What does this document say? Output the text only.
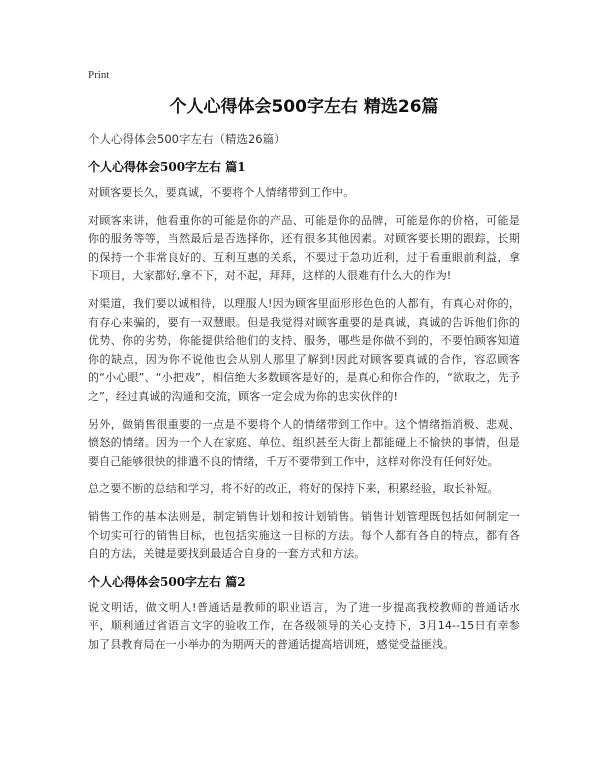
Print
个人心得体会500字左右 精选26篇
个人心得体会500字左右（精选26篇）
个人心得体会500字左右 篇1

对顾客要长久，要真诚，不要将个人情绪带到工作中。

对顾客来讲，他看重你的可能是你的产品、可能是你的品牌，可能是你的价格，可能是你的服务等等，当然最后是否选择你，还有很多其他因素。对顾客要长期的跟踪，长期的保持一个非常良好的、互利互惠的关系，不要过于急功近利，过于看重眼前利益，拿下项目，大家都好,拿不下，对不起，拜拜，这样的人很难有什么大的作为!

对渠道，我们要以诚相待，以理服人!因为顾客里面形形色色的人都有，有真心对你的，有存心来骗的，要有一双慧眼。但是我觉得对顾客重要的是真诚，真诚的告诉他们你的优势、你的劣势，你能提供给他们的支持、服务，哪些是你做不到的，不要怕顾客知道你的缺点，因为你不说他也会从别人那里了解到!因此对顾客要真诚的合作，容忍顾客的“小心眼”、“小把戏”，相信绝大多数顾客是好的，是真心和你合作的，“欲取之，先予之”，经过真诚的沟通和交流，顾客一定会成为你的忠实伙伴的!

另外，做销售很重要的一点是不要将个人的情绪带到工作中。这个情绪指消极、悲观、愤怒的情绪。因为一个人在家庭、单位、组织甚至大街上都能碰上不愉快的事情，但是要自己能够很快的排遣不良的情绪，千万不要带到工作中，这样对你没有任何好处。

总之要不断的总结和学习，将不好的改正，将好的保持下来，积累经验，取长补短。

销售工作的基本法则是，制定销售计划和按计划销售。销售计划管理既包括如何制定一个切实可行的销售目标，也包括实施这一目标的方法。每个人都有各自的特点，都有各自的方法，关键是要找到最适合自身的一套方式和方法。

个人心得体会500字左右 篇2

说文明话，做文明人!普通话是教师的职业语言，为了进一步提高我校教师的普通话水平，顺利通过省语言文字的验收工作，在各级领导的关心支持下，3月14--15日有幸参加了县教育局在一小举办的为期两天的普通话提高培训班，感觉受益匪浅。
